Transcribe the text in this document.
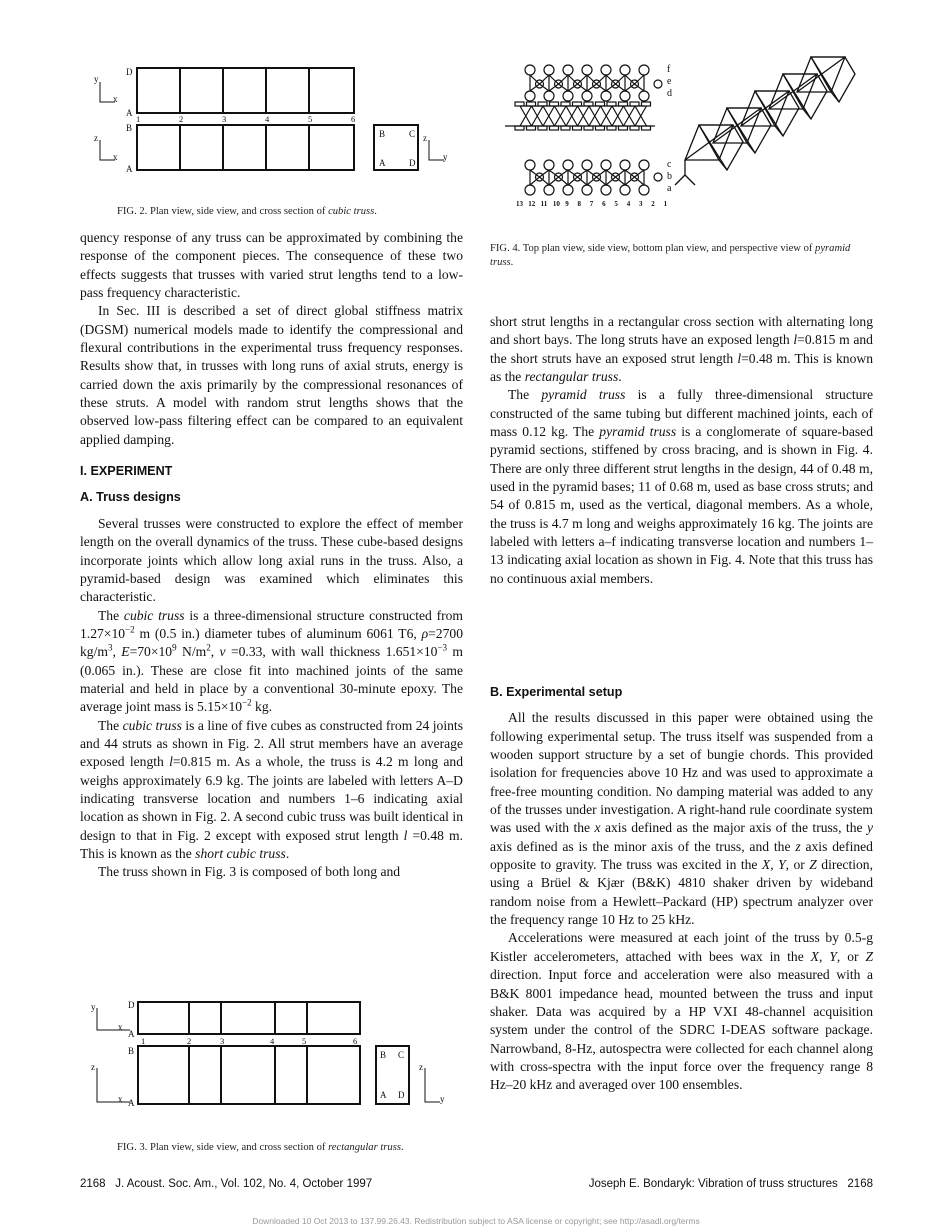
D
A
B
A
y
x
z
x
B	C
A	D
z
y
1	2	3	4	5	6
FIG. 2. Plan view, side view, and cross section of cubic truss.

quency response of any truss can be approximated by combining the response of the component pieces. The consequence of these two effects suggests that trusses with varied strut lengths tend to a low-pass frequency characteristic.

In Sec. III is described a set of direct global stiffness matrix (DGSM) numerical models made to identify the compressional and flexural contributions in the experimental truss frequency responses. Results show that, in trusses with long runs of axial struts, energy is carried down the axis primarily by the compressional resonances of these struts. A model with random strut lengths shows that the observed low-pass filtering effect can be compared to an equivalent applied damping.

I. EXPERIMENT
A. Truss designs

Several trusses were constructed to explore the effect of member length on the overall dynamics of the truss. These cube-based designs incorporate joints which allow long axial runs in the truss. Also, a pyramid-based design was examined which eliminates this characteristic.

The cubic truss is a three-dimensional structure constructed from $1.27\times 10^{-2}$ m (0.5 in.) diameter tubes of aluminum 6061 T6, ρ=2700 $kg/m^3$, $E=70\times 10^9$ $N/m^2$, ν =0.33, with wall thickness $1.651\times 10^{-3}$ m (0.065 in.). These are close fit into machined joints of the same material and held in place by a conventional 30-minute epoxy. The average joint mass is $5.15\times 10^{-2}$ kg.

The cubic truss is a line of five cubes as constructed from 24 joints and 44 struts as shown in Fig. 2. All strut members have an average exposed length l=0.815 m. As a whole, the truss is 4.2 m long and weighs approximately 6.9 kg. The joints are labeled with letters A–D indicating transverse location and numbers 1–6 indicating axial location as shown in Fig. 2. A second cubic truss was built identical in design to that in Fig. 2 except with exposed strut length l =0.48 m. This is known as the short cubic truss.

The truss shown in Fig. 3 is composed of both long and

D
A
B
A
y
x
z
x
B C
A D
z
y
1	2	3	4	5	6
FIG. 3. Plan view, side view, and cross section of rectangular truss.
f
e
d
c
b
a
13 12 11 10 9 8 7 6 5 4 3 2 1
FIG. 4. Top plan view, side view, bottom plan view, and perspective view of pyramid truss.

short strut lengths in a rectangular cross section with alternating long and short bays. The long struts have an exposed length l=0.815 m and the short struts have an exposed strut length l=0.48 m. This is known as the rectangular truss.

The pyramid truss is a fully three-dimensional structure constructed of the same tubing but different machined joints, each of mass 0.12 kg. The pyramid truss is a conglomerate of square-based pyramid sections, stiffened by cross bracing, and is shown in Fig. 4. There are only three different strut lengths in the design, 44 of 0.48 m, used in the pyramid bases; 11 of 0.68 m, used as base cross struts; and 54 of 0.815 m, used as the vertical, diagonal members. As a whole, the truss is 4.7 m long and weighs approximately 16 kg. The joints are labeled with letters a–f indicating transverse location and numbers 1–13 indicating axial location as shown in Fig. 4. Note that this truss has no continuous axial members.

B. Experimental setup

All the results discussed in this paper were obtained using the following experimental setup. The truss itself was suspended from a wooden support structure by a set of bungie chords. This provided isolation for frequencies above 10 Hz and was used to approximate a free-free mounting condition. No damping material was added to any of the trusses under investigation. A right-hand rule coordinate system was used with the x axis defined as the major axis of the truss, the y axis defined as is the minor axis of the truss, and the z axis defined opposite to gravity. The truss was excited in the X, Y, or Z direction, using a Brüel & Kjær (B&K) 4810 shaker driven by wideband random noise from a Hewlett–Packard (HP) spectrum analyzer over the frequency range 10 Hz to 25 kHz.

Accelerations were measured at each joint of the truss by 0.5-g Kistler accelerometers, attached with bees wax in the X, Y, or Z direction. Input force and acceleration were also measured with a B&K 8001 impedance head, mounted between the truss and input shaker. Data was acquired by a HP VXI 48-channel acquisition system under the control of the SDRC I-DEAS software package. Narrowband, 8-Hz, autospectra were collected for each channel along with cross-spectra with the input force over the frequency range 8 Hz–20 kHz and averaged over 100 ensembles.

2168 J. Acoust. Soc. Am., Vol. 102, No. 4, October 1997	Joseph E. Bondaryk: Vibration of truss structures 2168
Downloaded 10 Oct 2013 to 137.99.26.43. Redistribution subject to ASA license or copyright; see http://asadl.org/terms
